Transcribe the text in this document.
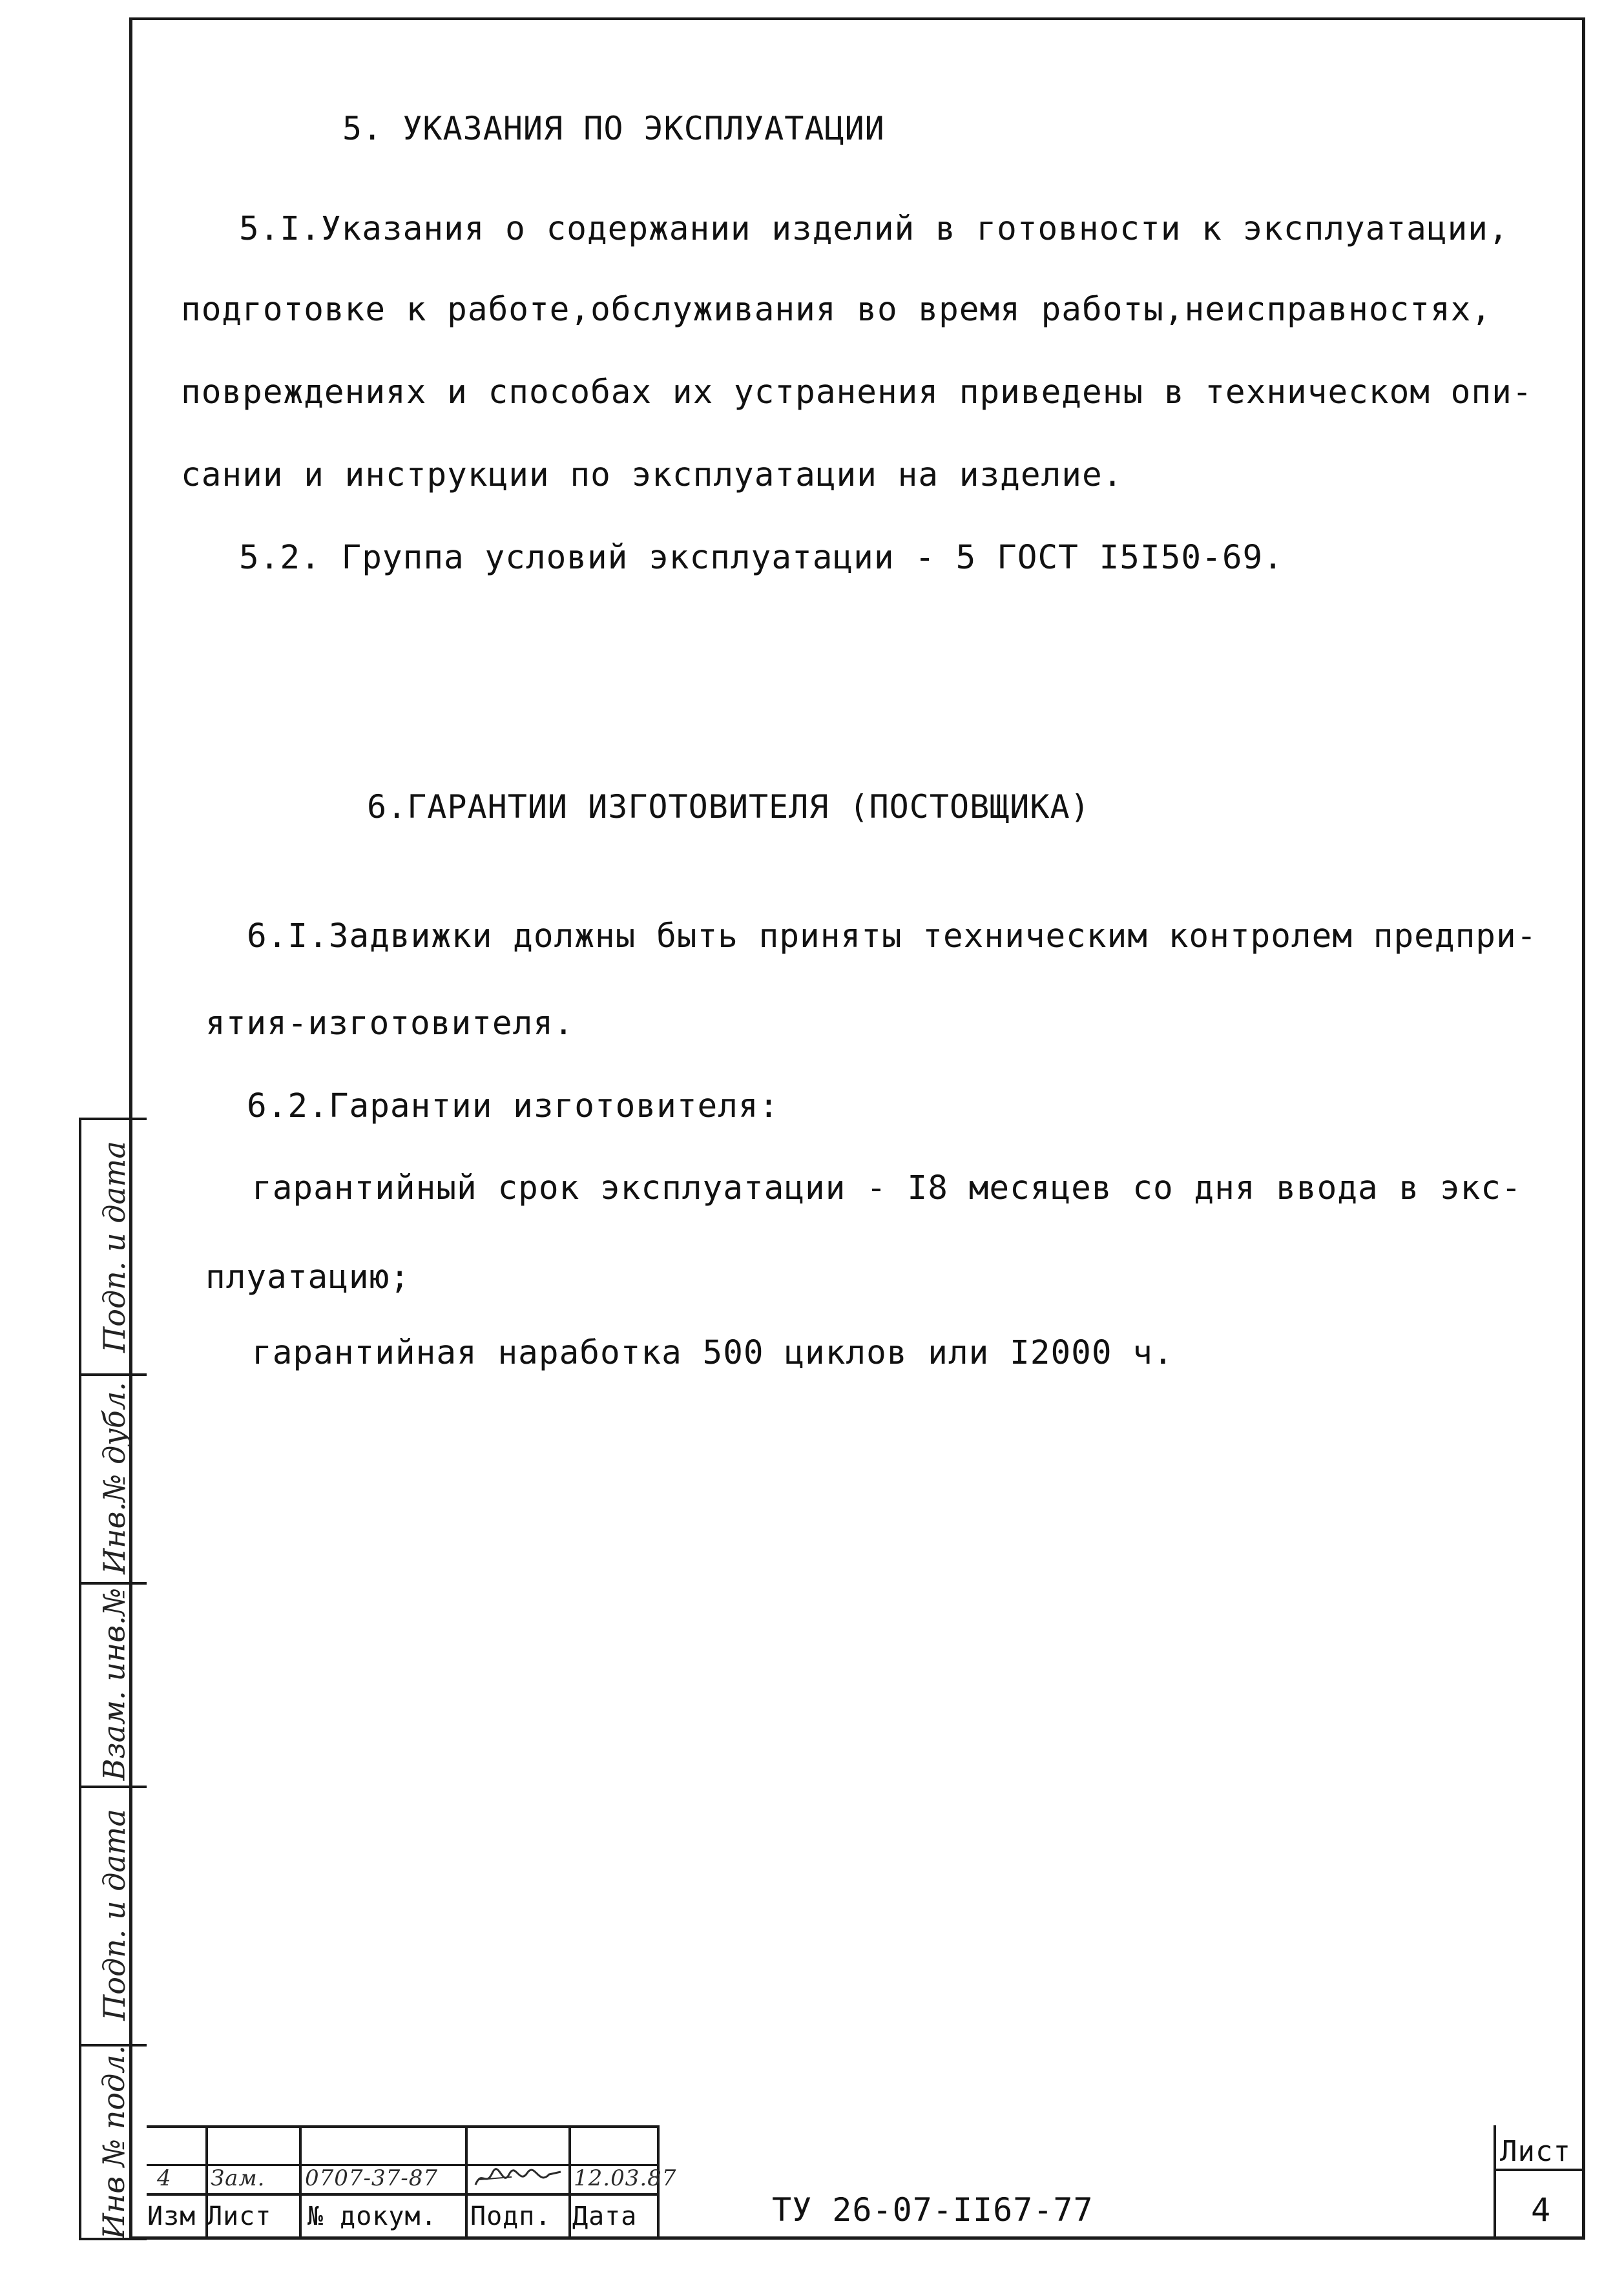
5. УКАЗАНИЯ ПО ЭКСПЛУАТАЦИИ
5.I.Указания о содержании изделий в готовности к эксплуатации,
подготовке к работе,обслуживания во время работы,неисправностях,
повреждениях и способах их устранения приведены в техническом опи-
сании и инструкции по эксплуатации на изделие.
5.2. Группа условий эксплуатации - 5 ГОСТ I5I50-69.
6.ГАРАНТИИ ИЗГОТОВИТЕЛЯ (ПОСТОВЩИКА)
6.I.Задвижки должны быть приняты техническим контролем предпри-
ятия-изготовителя.
6.2.Гарантии изготовителя:
гарантийный срок эксплуатации - I8 месяцев со дня ввода в экс-
плуатацию;
гарантийная наработка 500 циклов или I2000 ч.
Инв № подл.
Подп. и дата
Взам. инв.№
Инв.№ дубл.
Подп. и дата
4 Зам. 0707-37-87	12.03.87
Изм Лист № докум. Подп. Дата	ТУ 26-07-II67-77
Лист
4
